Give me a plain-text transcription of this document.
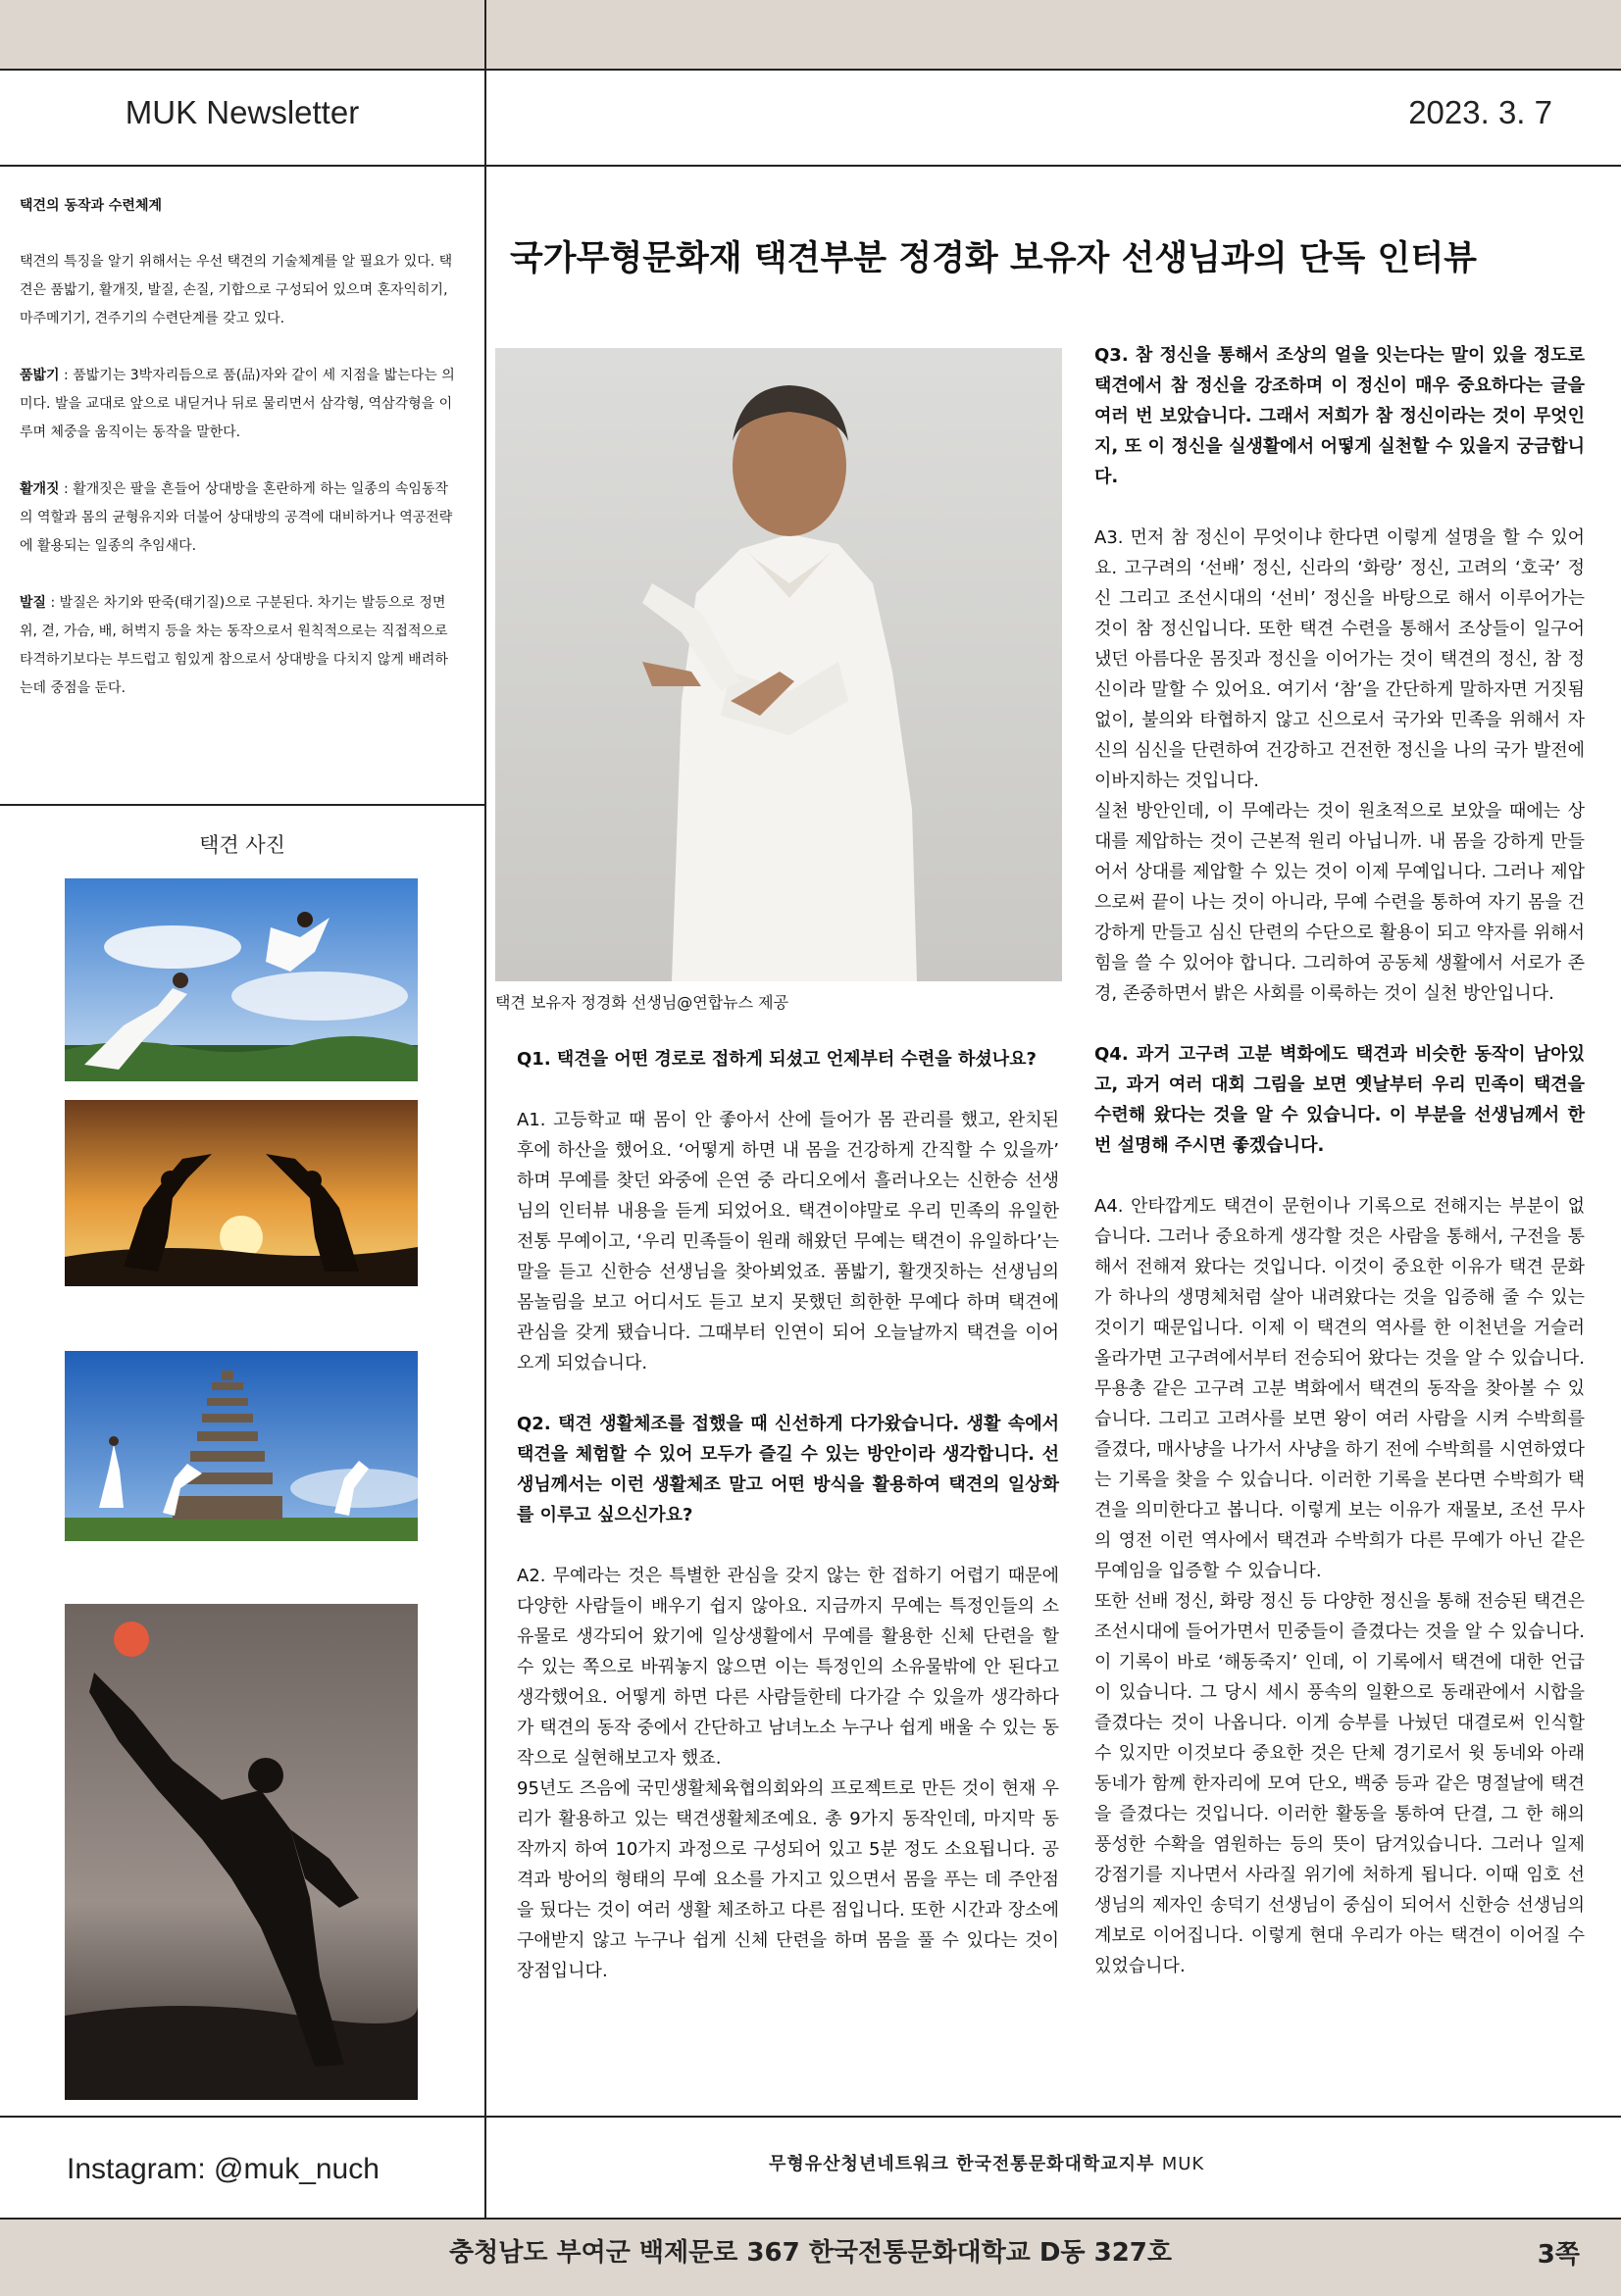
MUK Newsletter	2023. 3. 7

택견의 동작과 수련체계

택견의 특징을 알기 위해서는 우선 택견의 기술체계를 알 필요가 있다. 택견은 품밟기, 활개짓, 발질, 손질, 기합으로 구성되어 있으며 혼자익히기, 마주메기기, 견주기의 수련단계를 갖고 있다.

품밟기 : 품밟기는 3박자리듬으로 품(品)자와 같이 세 지점을 밟는다는 의미다. 발을 교대로 앞으로 내딛거나 뒤로 물리면서 삼각형, 역삼각형을 이루며 체중을 움직이는 동작을 말한다.

활개짓 : 활개짓은 팔을 흔들어 상대방을 혼란하게 하는 일종의 속임동작의 역할과 몸의 균형유지와 더불어 상대방의 공격에 대비하거나 역공전략에 활용되는 일종의 추임새다.

발질 : 발질은 차기와 딴죽(태기질)으로 구분된다. 차기는 발등으로 정면위, 겯, 가슴, 배, 허벅지 등을 차는 동작으로서 원칙적으로는 직접적으로 타격하기보다는 부드럽고 힘있게 참으로서 상대방을 다치지 않게 배려하는데 중점을 둔다.

택견 사진
국가무형문화재 택견부분 정경화 보유자 선생님과의 단독 인터뷰
택견 보유자 정경화 선생님@연합뉴스 제공

Q1. 택견을 어떤 경로로 접하게 되셨고 언제부터 수련을 하셨나요?

A1. 고등학교 때 몸이 안 좋아서 산에 들어가 몸 관리를 했고, 완치된 후에 하산을 했어요. ‘어떻게 하면 내 몸을 건강하게 간직할 수 있을까’ 하며 무예를 찾던 와중에 은연 중 라디오에서 흘러나오는 신한승 선생님의 인터뷰 내용을 듣게 되었어요. 택견이야말로 우리 민족의 유일한 전통 무예이고, ‘우리 민족들이 원래 해왔던 무예는 택견이 유일하다’는 말을 듣고 신한승 선생님을 찾아뵈었죠. 품밟기, 활갯짓하는 선생님의 몸놀림을 보고 어디서도 듣고 보지 못했던 희한한 무예다 하며 택견에 관심을 갖게 됐습니다. 그때부터 인연이 되어 오늘날까지 택견을 이어오게 되었습니다.

Q2. 택견 생활체조를 접했을 때 신선하게 다가왔습니다. 생활 속에서 택견을 체험할 수 있어 모두가 즐길 수 있는 방안이라 생각합니다. 선생님께서는 이런 생활체조 말고 어떤 방식을 활용하여 택견의 일상화를 이루고 싶으신가요?

A2. 무예라는 것은 특별한 관심을 갖지 않는 한 접하기 어렵기 때문에 다양한 사람들이 배우기 쉽지 않아요. 지금까지 무예는 특정인들의 소유물로 생각되어 왔기에 일상생활에서 무예를 활용한 신체 단련을 할 수 있는 쪽으로 바꿔놓지 않으면 이는 특정인의 소유물밖에 안 된다고 생각했어요. 어떻게 하면 다른 사람들한테 다가갈 수 있을까 생각하다가 택견의 동작 중에서 간단하고 남녀노소 누구나 쉽게 배울 수 있는 동작으로 실현해보고자 했죠.

95년도 즈음에 국민생활체육협의회와의 프로젝트로 만든 것이 현재 우리가 활용하고 있는 택견생활체조예요. 총 9가지 동작인데, 마지막 동작까지 하여 10가지 과정으로 구성되어 있고 5분 정도 소요됩니다. 공격과 방어의 형태의 무예 요소를 가지고 있으면서 몸을 푸는 데 주안점을 뒀다는 것이 여러 생활 체조하고 다른 점입니다. 또한 시간과 장소에 구애받지 않고 누구나 쉽게 신체 단련을 하며 몸을 풀 수 있다는 것이 장점입니다.

Q3. 참 정신을 통해서 조상의 얼을 잇는다는 말이 있을 정도로 택견에서 참 정신을 강조하며 이 정신이 매우 중요하다는 글을 여러 번 보았습니다. 그래서 저희가 참 정신이라는 것이 무엇인지, 또 이 정신을 실생활에서 어떻게 실천할 수 있을지 궁금합니다.

A3. 먼저 참 정신이 무엇이냐 한다면 이렇게 설명을 할 수 있어요. 고구려의 ‘선배’ 정신, 신라의 ‘화랑’ 정신, 고려의 ‘호국’ 정신 그리고 조선시대의 ‘선비’ 정신을 바탕으로 해서 이루어가는 것이 참 정신입니다. 또한 택견 수련을 통해서 조상들이 일구어냈던 아름다운 몸짓과 정신을 이어가는 것이 택견의 정신, 참 정신이라 말할 수 있어요. 여기서 ‘참’을 간단하게 말하자면 거짓됨 없이, 불의와 타협하지 않고 신으로서 국가와 민족을 위해서 자신의 심신을 단련하여 건강하고 건전한 정신을 나의 국가 발전에 이바지하는 것입니다.

실천 방안인데, 이 무예라는 것이 원초적으로 보았을 때에는 상대를 제압하는 것이 근본적 원리 아닙니까. 내 몸을 강하게 만들어서 상대를 제압할 수 있는 것이 이제 무예입니다. 그러나 제압으로써 끝이 나는 것이 아니라, 무예 수련을 통하여 자기 몸을 건강하게 만들고 심신 단련의 수단으로 활용이 되고 약자를 위해서 힘을 쓸 수 있어야 합니다. 그리하여 공동체 생활에서 서로가 존경, 존중하면서 밝은 사회를 이룩하는 것이 실천 방안입니다.

Q4. 과거 고구려 고분 벽화에도 택견과 비슷한 동작이 남아있고, 과거 여러 대회 그림을 보면 옛날부터 우리 민족이 택견을 수련해 왔다는 것을 알 수 있습니다. 이 부분을 선생님께서 한 번 설명해 주시면 좋겠습니다.

A4. 안타깝게도 택견이 문헌이나 기록으로 전해지는 부분이 없습니다. 그러나 중요하게 생각할 것은 사람을 통해서, 구전을 통해서 전해져 왔다는 것입니다. 이것이 중요한 이유가 택견 문화가 하나의 생명체처럼 살아 내려왔다는 것을 입증해 줄 수 있는 것이기 때문입니다. 이제 이 택견의 역사를 한 이천년을 거슬러 올라가면 고구려에서부터 전승되어 왔다는 것을 알 수 있습니다. 무용총 같은 고구려 고분 벽화에서 택견의 동작을 찾아볼 수 있습니다. 그리고 고려사를 보면 왕이 여러 사람을 시켜 수박희를 즐겼다, 매사냥을 나가서 사냥을 하기 전에 수박희를 시연하였다는 기록을 찾을 수 있습니다. 이러한 기록을 본다면 수박희가 택견을 의미한다고 봅니다. 이렇게 보는 이유가 재물보, 조선 무사의 영전 이런 역사에서 택견과 수박희가 다른 무예가 아닌 같은 무예임을 입증할 수 있습니다.

또한 선배 정신, 화랑 정신 등 다양한 정신을 통해 전승된 택견은 조선시대에 들어가면서 민중들이 즐겼다는 것을 알 수 있습니다. 이 기록이 바로 ‘해동죽지’ 인데, 이 기록에서 택견에 대한 언급이 있습니다. 그 당시 세시 풍속의 일환으로 동래관에서 시합을 즐겼다는 것이 나옵니다. 이게 승부를 나눴던 대결로써 인식할 수 있지만 이것보다 중요한 것은 단체 경기로서 윗 동네와 아래 동네가 함께 한자리에 모여 단오, 백중 등과 같은 명절날에 택견을 즐겼다는 것입니다. 이러한 활동을 통하여 단결, 그 한 해의 풍성한 수확을 염원하는 등의 뜻이 담겨있습니다. 그러나 일제 강점기를 지나면서 사라질 위기에 처하게 됩니다. 이때 임호 선생님의 제자인 송덕기 선생님이 중심이 되어서 신한승 선생님의 계보로 이어집니다. 이렇게 현대 우리가 아는 택견이 이어질 수 있었습니다.

Instagram: @muk_nuch	무형유산청년네트워크 한국전통문화대학교지부 MUK
충청남도 부여군 백제문로 367 한국전통문화대학교 D동 327호	3쪽
